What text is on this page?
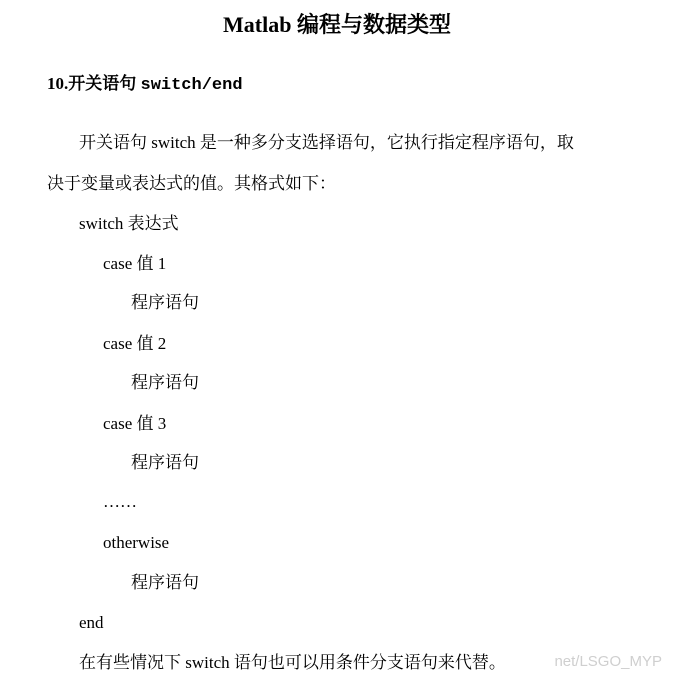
Matlab 编程与数据类型
10.开关语句 switch/end
开关语句 switch 是一种多分支选择语句，它执行指定程序语句，取
决于变量或表达式的值。其格式如下：
switch 表达式
case 值 1
程序语句
case 值 2
程序语句
case 值 3
程序语句
……
otherwise
程序语句
end
在有些情况下 switch 语句也可以用条件分支语句来代替。	net/LSGO_MYP
